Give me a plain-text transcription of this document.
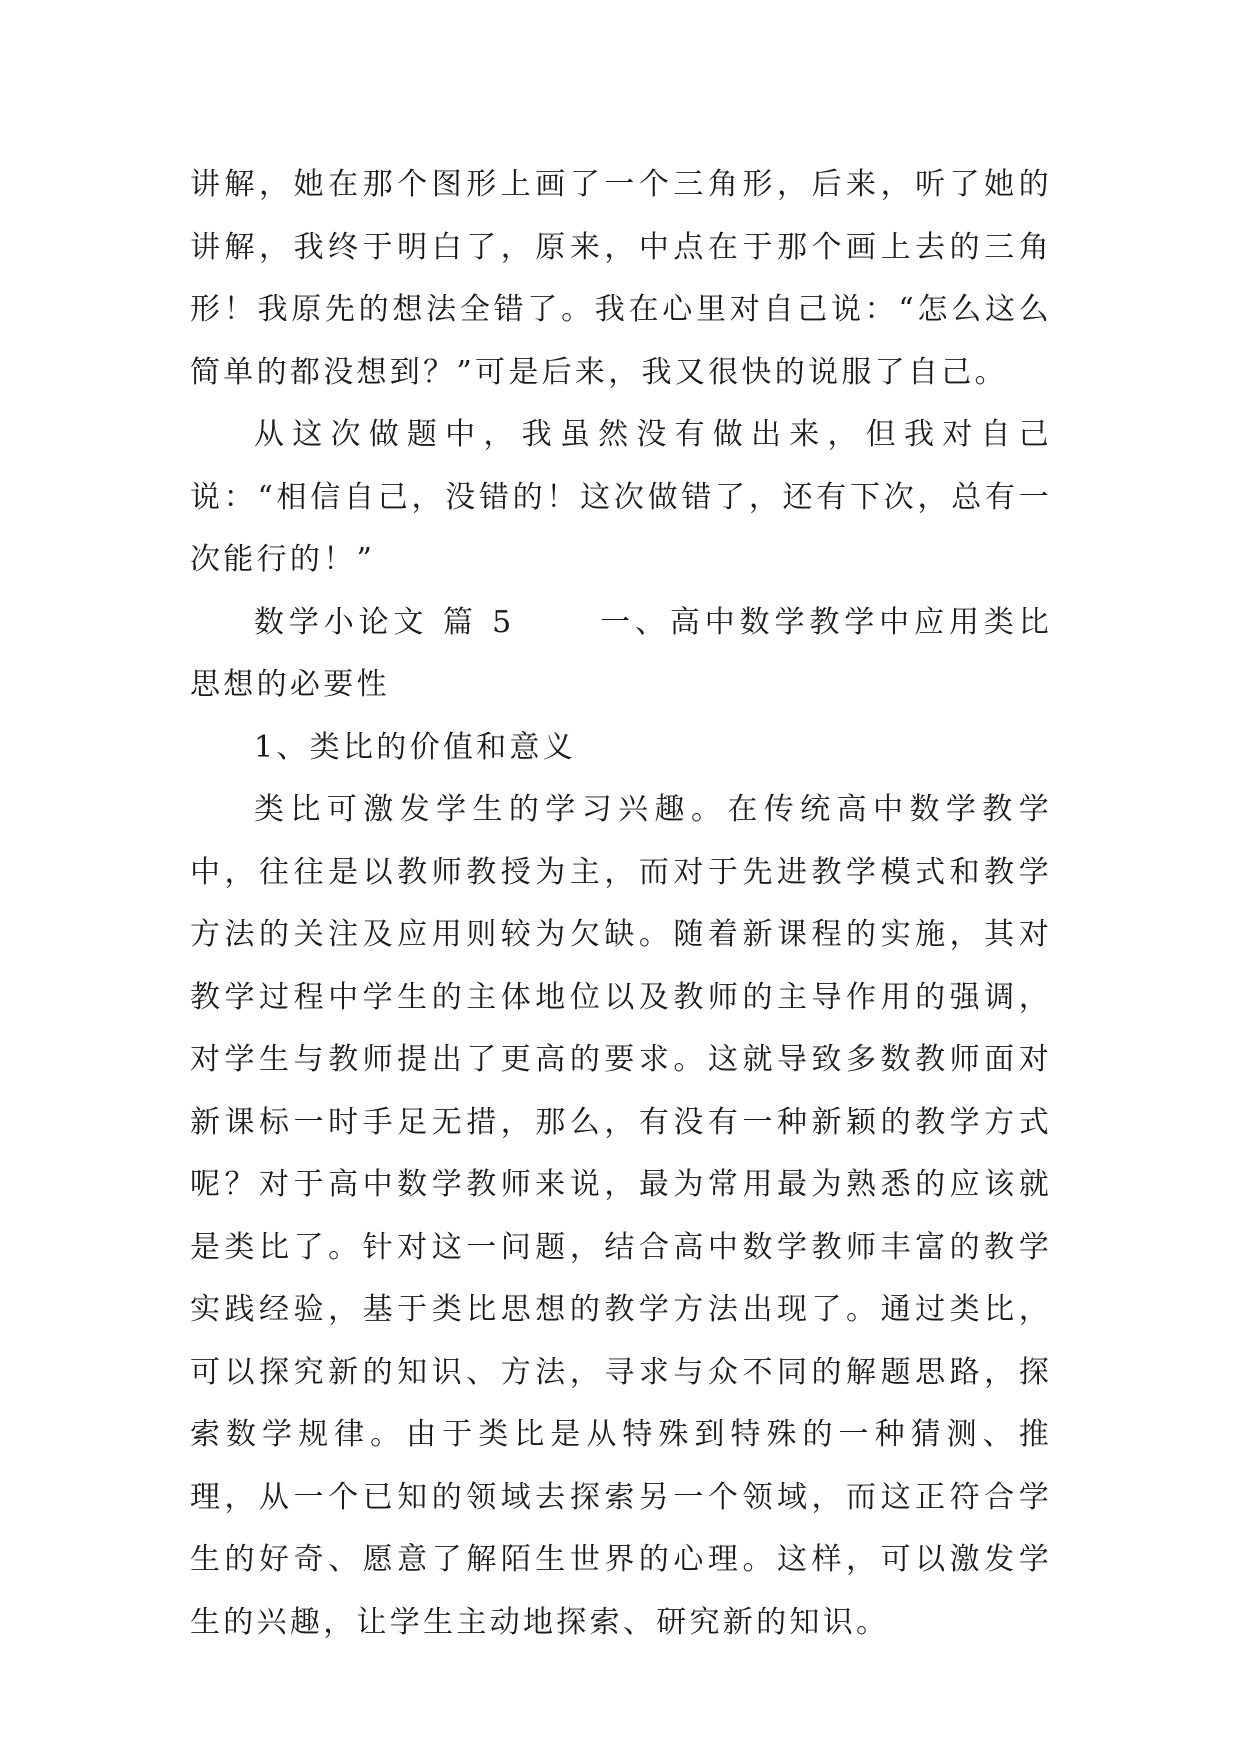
讲解，她在那个图形上画了一个三角形，后来，听了她的讲解，我终于明白了，原来，中点在于那个画上去的三角形！我原先的想法全错了。我在心里对自己说：“怎么这么简单的都没想到？”可是后来，我又很快的说服了自己。

从这次做题中，我虽然没有做出来，但我对自己说：“相信自己，没错的！这次做错了，还有下次，总有一次能行的！”

数学小论文 篇 5	一、高中数学教学中应用类比思想的必要性

1、类比的价值和意义

类比可激发学生的学习兴趣。在传统高中数学教学中，往往是以教师教授为主，而对于先进教学模式和教学方法的关注及应用则较为欠缺。随着新课程的实施，其对教学过程中学生的主体地位以及教师的主导作用的强调，对学生与教师提出了更高的要求。这就导致多数教师面对新课标一时手足无措，那么，有没有一种新颖的教学方式呢？对于高中数学教师来说，最为常用最为熟悉的应该就是类比了。针对这一问题，结合高中数学教师丰富的教学实践经验，基于类比思想的教学方法出现了。通过类比，可以探究新的知识、方法，寻求与众不同的解题思路，探索数学规律。由于类比是从特殊到特殊的一种猜测、推理，从一个已知的领域去探索另一个领域，而这正符合学生的好奇、愿意了解陌生世界的心理。这样，可以激发学生的兴趣，让学生主动地探索、研究新的知识。
